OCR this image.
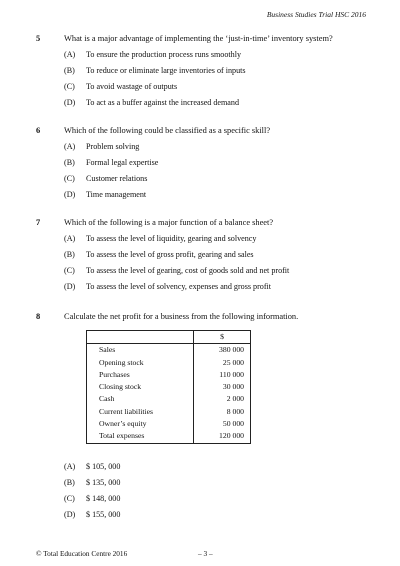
Business Studies Trial HSC 2016
5	What is a major advantage of implementing the ‘just-in-time’ inventory system?
(A)	To ensure the production process runs smoothly
(B)	To reduce or eliminate large inventories of inputs
(C)	To avoid wastage of outputs
(D)	To act as a buffer against the increased demand
6	Which of the following could be classified as a specific skill?
(A)	Problem solving
(B)	Formal legal expertise
(C)	Customer relations
(D)	Time management
7	Which of the following is a major function of a balance sheet?
(A)	To assess the level of liquidity, gearing and solvency
(B)	To assess the level of gross profit, gearing and sales
(C)	To assess the level of gearing, cost of goods sold and net profit
(D)	To assess the level of solvency, expenses and gross profit
8	Calculate the net profit for a business from the following information.
	$
Sales	380 000
Opening stock	25 000
Purchases	110 000
Closing stock	30 000
Cash	2 000
Current liabilities	8 000
Owner’s equity	50 000
Total expenses	120 000
(A)	$ 105, 000
(B)	$ 135, 000
(C)	$ 148, 000
(D)	$ 155, 000
© Total Education Centre 2016	– 3 –
